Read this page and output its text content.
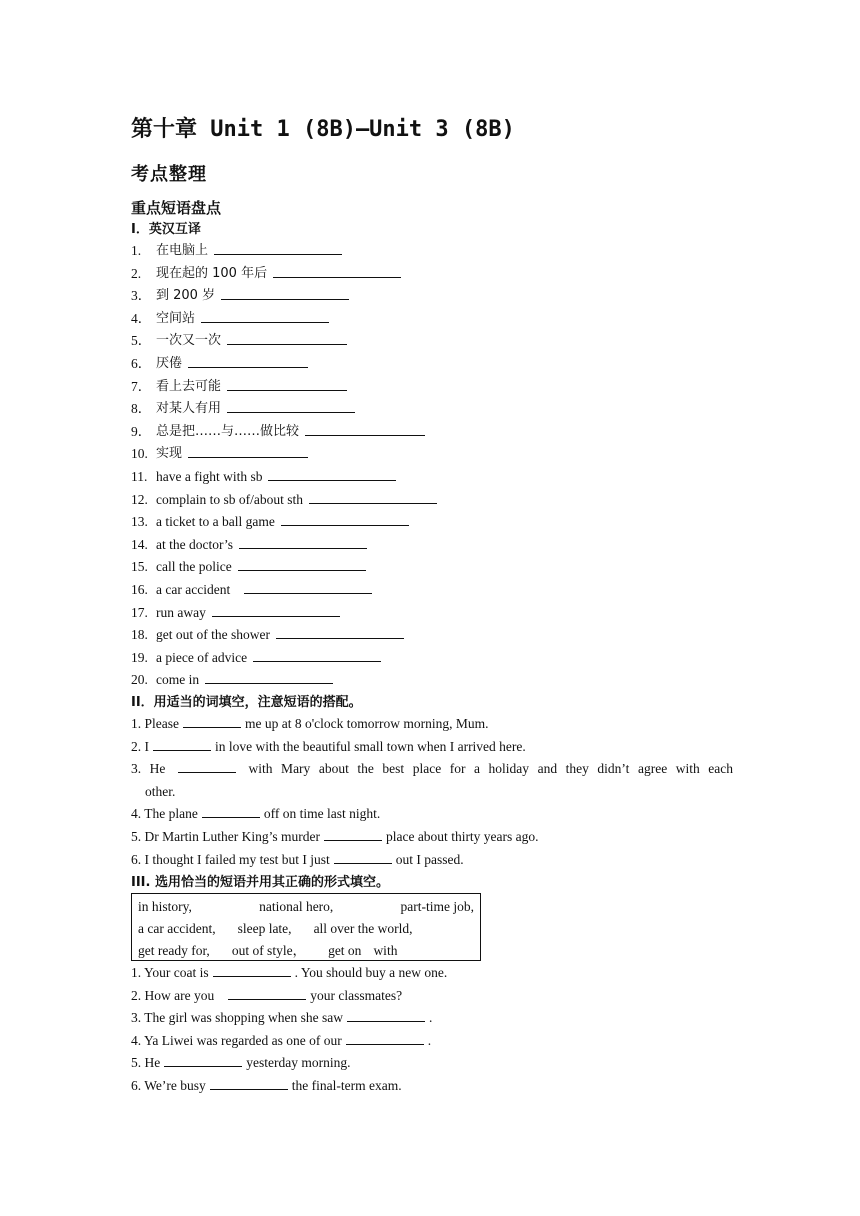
第十章 Unit 1 (8B)—Unit 3 (8B)
考点整理
重点短语盘点
I．英汉互译
1.	在电脑上
2.	现在起的 100 年后
3． 到 200 岁
4． 空间站
5． 一次又一次
6． 厌倦
7． 看上去可能
8． 对某人有用
9． 总是把……与……做比较
10. 实现
11. have a fight with sb
12. complain to sb of/about sth
13. a ticket to a ball game
14. at the doctor’s
15. call the police
16. a car accident
17. run away
18. get out of the shower
19. a piece of advice
20. come in
II．用适当的词填空，注意短语的搭配。
1. Please	me up at 8 o'clock tomorrow morning, Mum.
2. I	in love with the beautiful small town when I arrived here.
3. He	with Mary about the best place for a holiday and they didn’t agree with each
other.
4. The plane	off on time last night.
5. Dr Martin Luther King’s murder	place about thirty years ago.
6. I thought I failed my test but I just	out I passed.
III. 选用恰当的短语并用其正确的形式填空。
in history,	national hero,	part-time job,
a car accident, sleep late, all over the world,
get ready for, out of style， get on with
1. Your coat is	. You should buy a new one.
2. How are you	your classmates?
3. The girl was shopping when she saw	.
4. Ya Liwei was regarded as one of our	.
5. He	yesterday morning.
6. We’re busy	the final-term exam.
